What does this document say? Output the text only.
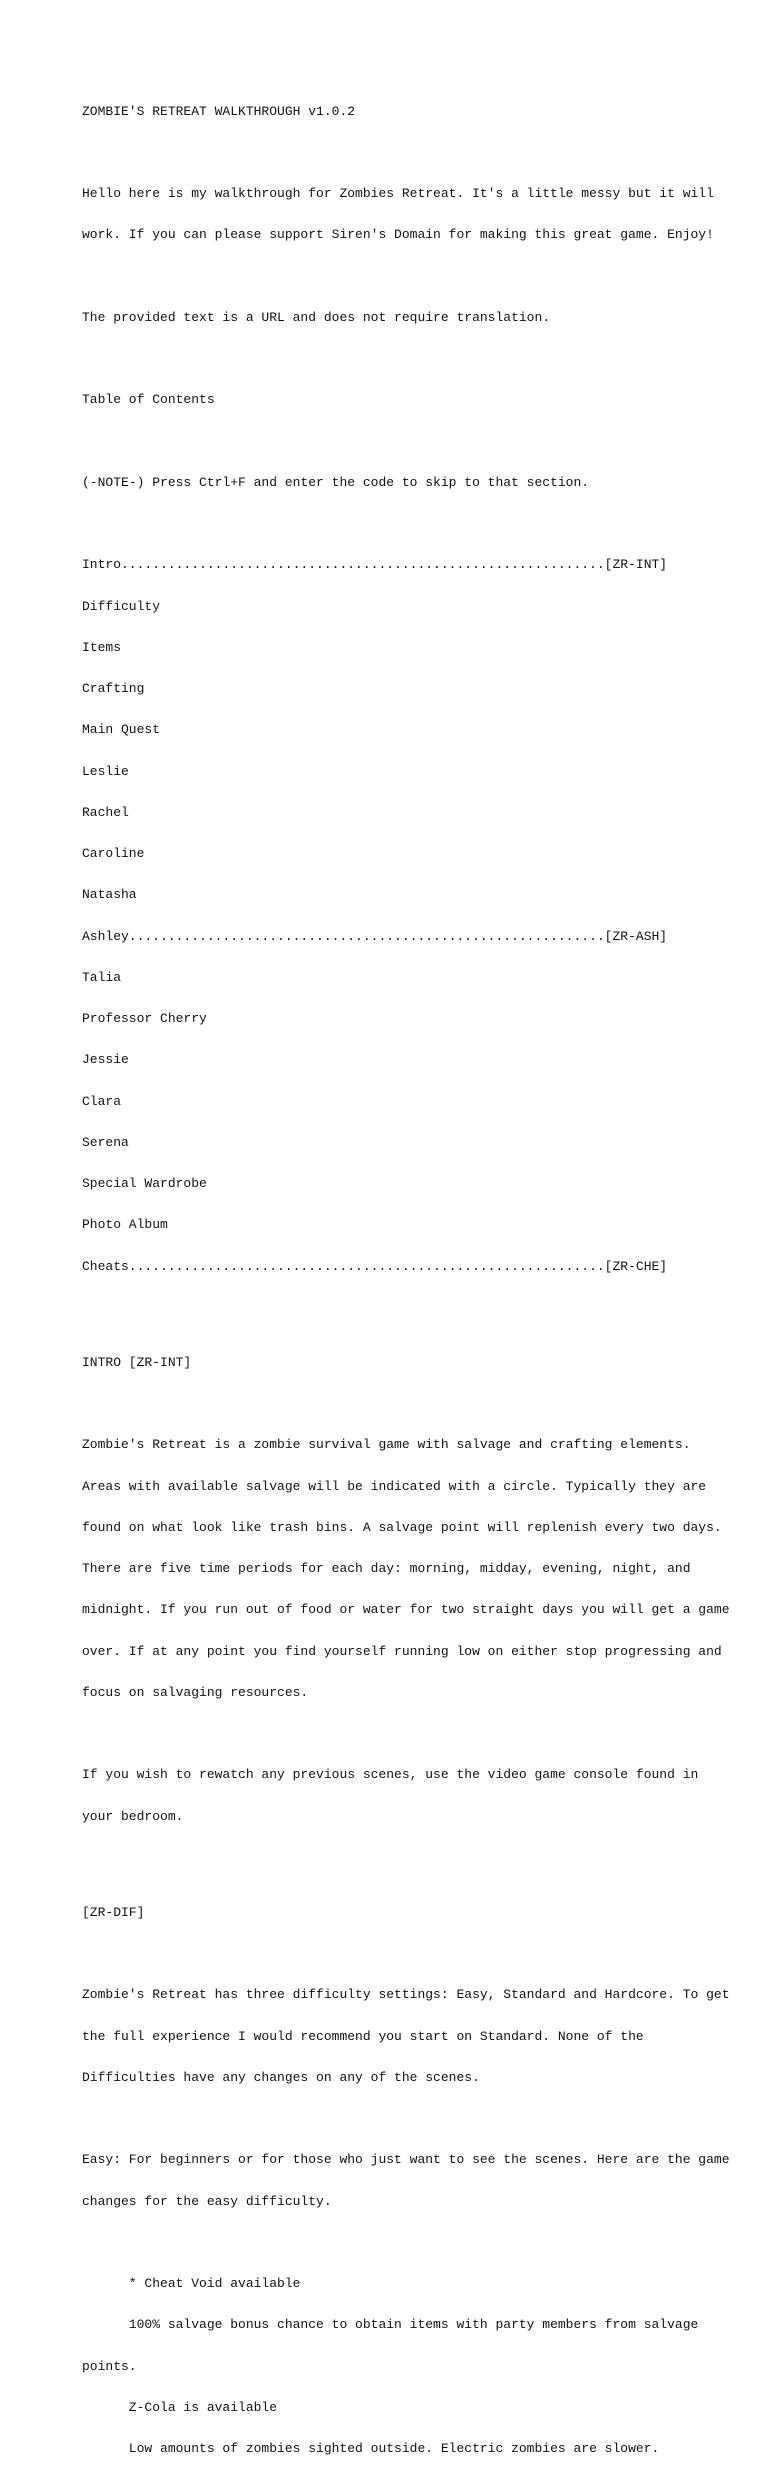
ZOMBIE'S RETREAT WALKTHROUGH v1.0.2

Hello here is my walkthrough for Zombies Retreat. It's a little messy but it will

work. If you can please support Siren's Domain for making this great game. Enjoy!

The provided text is a URL and does not require translation.

Table of Contents

(-NOTE-) Press Ctrl+F and enter the code to skip to that section.

Intro..............................................................[ZR-INT]

Difficulty

Items

Crafting

Main Quest

Leslie

Rachel

Caroline

Natasha

Ashley.............................................................[ZR-ASH]

Talia

Professor Cherry

Jessie

Clara

Serena

Special Wardrobe

Photo Album

Cheats.............................................................[ZR-CHE]

INTRO [ZR-INT]

Zombie's Retreat is a zombie survival game with salvage and crafting elements.

Areas with available salvage will be indicated with a circle. Typically they are

found on what look like trash bins. A salvage point will replenish every two days.

There are five time periods for each day: morning, midday, evening, night, and

midnight. If you run out of food or water for two straight days you will get a game

over. If at any point you find yourself running low on either stop progressing and

focus on salvaging resources.

If you wish to rewatch any previous scenes, use the video game console found in

your bedroom.

[ZR-DIF]

Zombie's Retreat has three difficulty settings: Easy, Standard and Hardcore. To get

the full experience I would recommend you start on Standard. None of the

Difficulties have any changes on any of the scenes.

Easy: For beginners or for those who just want to see the scenes. Here are the game

changes for the easy difficulty.

* Cheat Void available

100% salvage bonus chance to obtain items with party members from salvage

points.

Z-Cola is available

Low amounts of zombies sighted outside. Electric zombies are slower.
